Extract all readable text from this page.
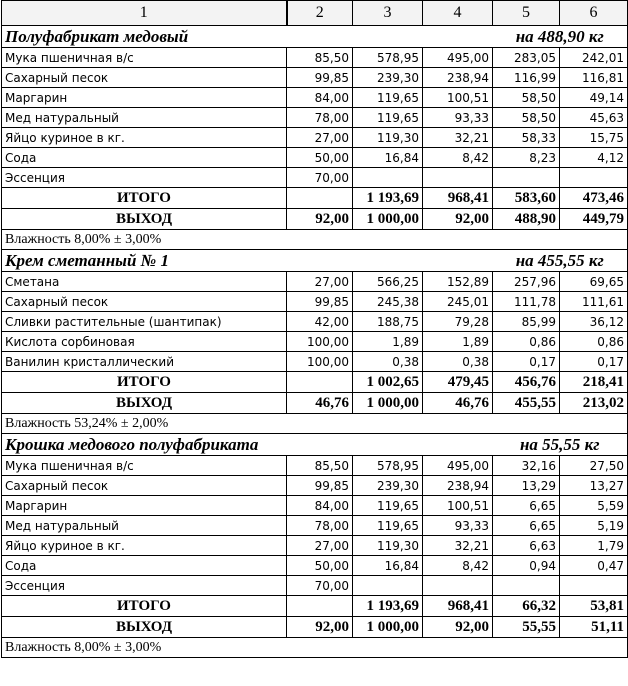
1	2	3	4	5	6
Полуфабрикат медовый				на 488,90 кг	
Мука пшеничная в/с	85,50	578,95	495,00	283,05	242,01
Сахарный песок	99,85	239,30	238,94	116,99	116,81
Маргарин	84,00	119,65	100,51	58,50	49,14
Мед натуральный	78,00	119,65	93,33	58,50	45,63
Яйцо куриное в кг.	27,00	119,30	32,21	58,33	15,75
Сода	50,00	16,84	8,42	8,23	4,12
Эссенция	70,00				
ИТОГО		1 193,69	968,41	583,60	473,46
ВЫХОД	92,00	1 000,00	92,00	488,90	449,79
Влажность 8,00% ± 3,00%					
Крем сметанный № 1				на 455,55 кг	
Сметана	27,00	566,25	152,89	257,96	69,65
Сахарный песок	99,85	245,38	245,01	111,78	111,61
Сливки растительные (шантипак)	42,00	188,75	79,28	85,99	36,12
Кислота сорбиновая	100,00	1,89	1,89	0,86	0,86
Ванилин кристаллический	100,00	0,38	0,38	0,17	0,17
ИТОГО		1 002,65	479,45	456,76	218,41
ВЫХОД	46,76	1 000,00	46,76	455,55	213,02
Влажность 53,24% ± 2,00%					
Крошка медового полуфабриката				на 55,55 кг	
Мука пшеничная в/с	85,50	578,95	495,00	32,16	27,50
Сахарный песок	99,85	239,30	238,94	13,29	13,27
Маргарин	84,00	119,65	100,51	6,65	5,59
Мед натуральный	78,00	119,65	93,33	6,65	5,19
Яйцо куриное в кг.	27,00	119,30	32,21	6,63	1,79
Сода	50,00	16,84	8,42	0,94	0,47
Эссенция	70,00				
ИТОГО		1 193,69	968,41	66,32	53,81
ВЫХОД	92,00	1 000,00	92,00	55,55	51,11
Влажность 8,00% ± 3,00%					
